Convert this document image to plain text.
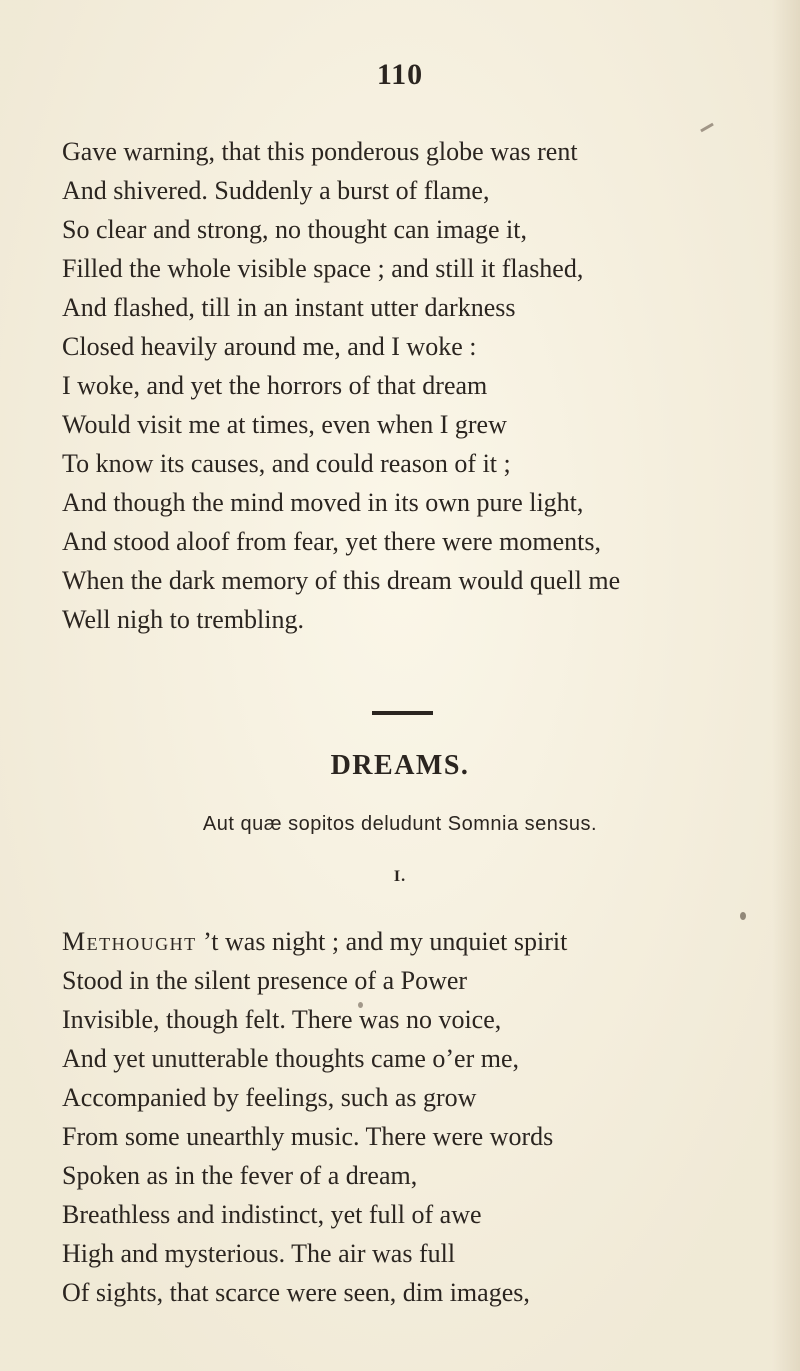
110
Gave warning, that this ponderous globe was rent
And shivered. Suddenly a burst of flame,
So clear and strong, no thought can image it,
Filled the whole visible space ; and still it flashed,
And flashed, till in an instant utter darkness
Closed heavily around me, and I woke :
I woke, and yet the horrors of that dream
Would visit me at times, even when I grew
To know its causes, and could reason of it ;
And though the mind moved in its own pure light,
And stood aloof from fear, yet there were moments,
When the dark memory of this dream would quell me
Well nigh to trembling.
DREAMS.
Aut quæ sopitos deludunt Somnia sensus.
I.
Methought ’t was night ; and my unquiet spirit
Stood in the silent presence of a Power
Invisible, though felt. There was no voice,
And yet unutterable thoughts came o’er me,
Accompanied by feelings, such as grow
From some unearthly music. There were words
Spoken as in the fever of a dream,
Breathless and indistinct, yet full of awe
High and mysterious. The air was full
Of sights, that scarce were seen, dim images,
